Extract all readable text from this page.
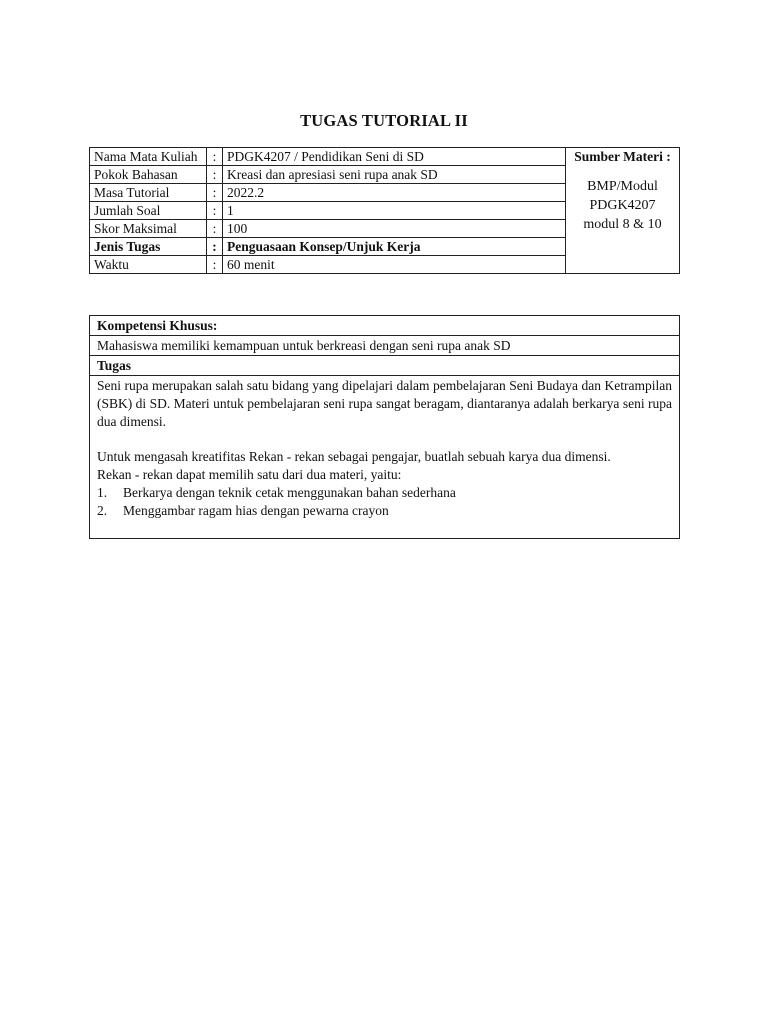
TUGAS TUTORIAL II
Nama Mata Kuliah	:	PDGK4207 / Pendidikan Seni di SD	Sumber Materi :
BMP/Modul
PDGK4207
modul 8 & 10

Pokok Bahasan	:	Kreasi dan apresiasi seni rupa anak SD	
Masa Tutorial	:	2022.2	
Jumlah Soal	:	1	
Skor Maksimal	:	100	
Jenis Tugas	:	Penguasaan Konsep/Unjuk Kerja	
Waktu	:	60 menit	
Kompetensi Khusus:
Mahasiswa memiliki kemampuan untuk berkreasi dengan seni rupa anak SD
Tugas

Seni rupa merupakan salah satu bidang yang dipelajari dalam pembelajaran Seni Budaya dan Ketrampilan (SBK) di SD. Materi untuk pembelajaran seni rupa sangat beragam, diantaranya adalah berkarya seni rupa dua dimensi.

Untuk mengasah kreatifitas Rekan - rekan sebagai pengajar, buatlah sebuah karya dua dimensi.
Rekan - rekan dapat memilih satu dari dua materi, yaitu:

1.	Berkarya dengan teknik cetak menggunakan bahan sederhana
2.	Menggambar ragam hias dengan pewarna crayon
